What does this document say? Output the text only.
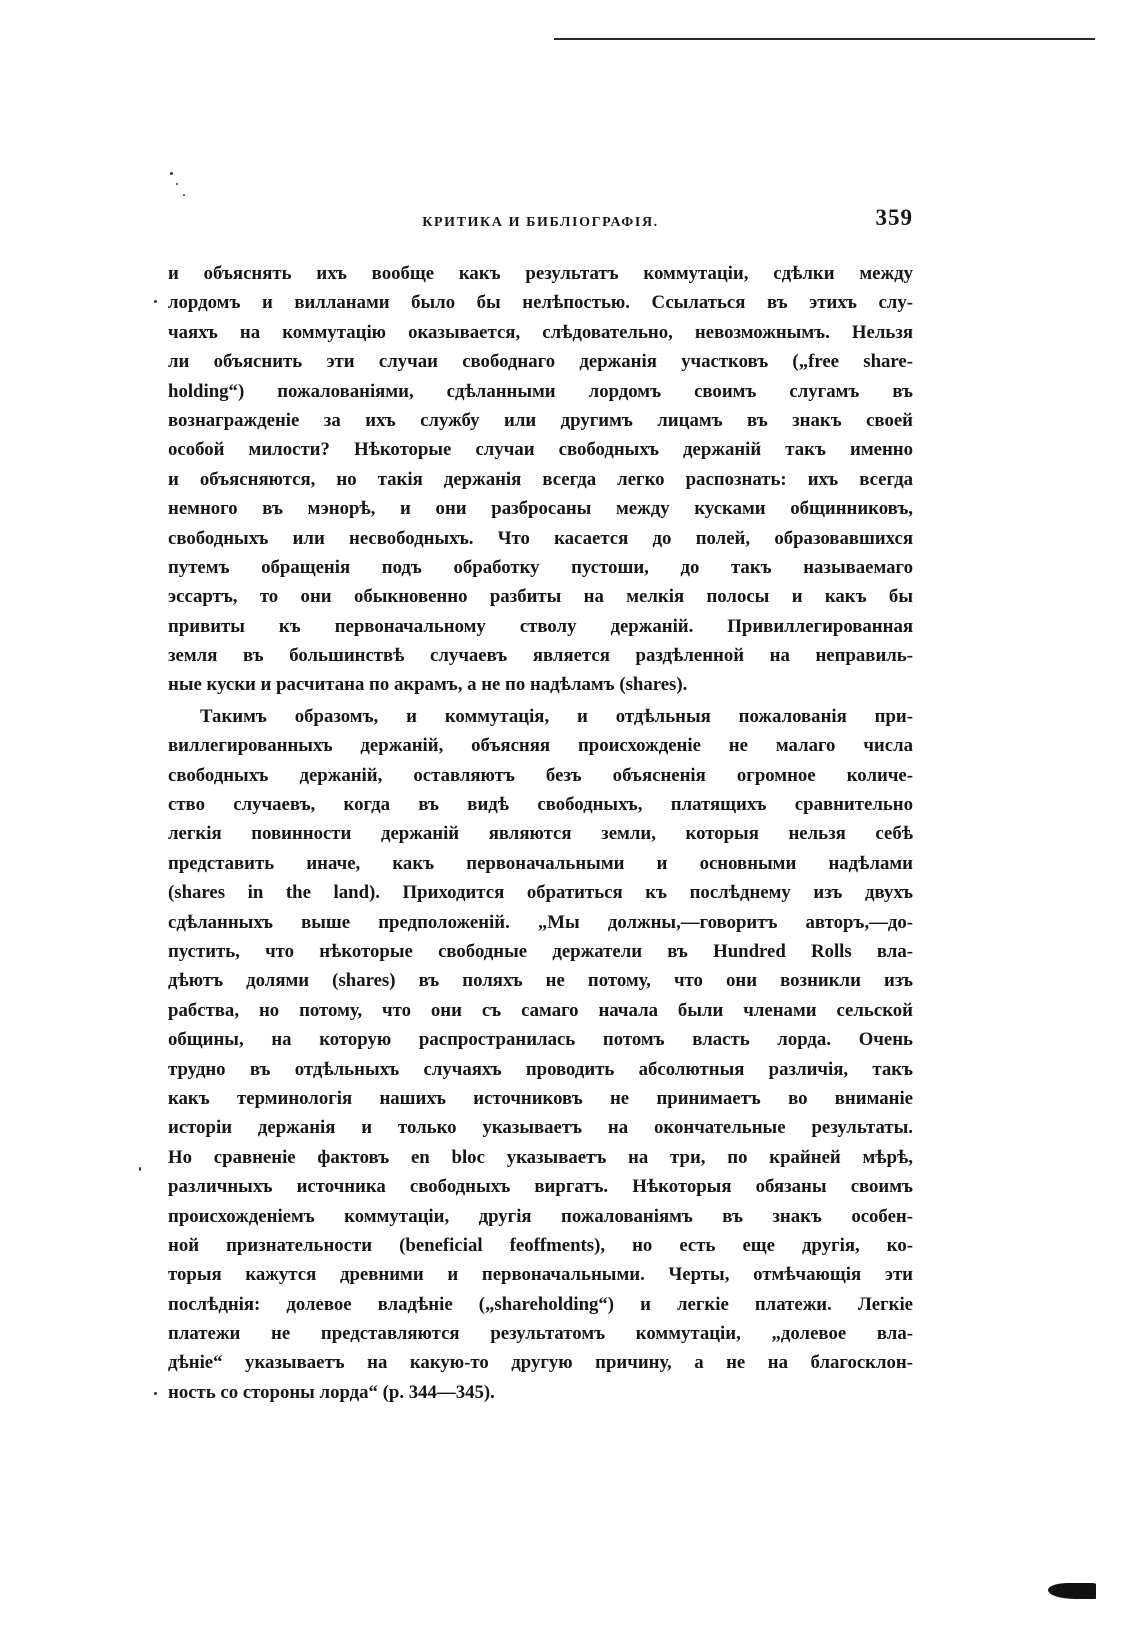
КРИТИКА И БИБЛІОГРАФІЯ.	359
и объяснять ихъ вообще какъ результатъ коммутаціи, сдѣлки между
лордомъ и вилланами было бы нелѣпостью. Ссылаться въ этихъ слу-
чаяхъ на коммутацію оказывается, слѣдовательно, невозможнымъ. Нельзя
ли объяснить эти случаи свободнаго держанія участковъ („free share-
holding“) пожалованіями, сдѣланными лордомъ своимъ слугамъ въ
вознагражденіе за ихъ службу или другимъ лицамъ въ знакъ своей
особой милости? Нѣкоторые случаи свободныхъ держаній такъ именно
и объясняются, но такія держанія всегда легко распознать: ихъ всегда
немного въ мэнорѣ, и они разбросаны между кусками общинниковъ,
свободныхъ или несвободныхъ. Что касается до полей, образовавшихся
путемъ обращенія подъ обработку пустоши, до такъ называемаго
эссартъ, то они обыкновенно разбиты на мелкія полосы и какъ бы
привиты къ первоначальному стволу держаній. Привиллегированная
земля въ большинствѣ случаевъ является раздѣленной на неправиль-
ные куски и расчитана по акрамъ, а не по надѣламъ (shares).
Такимъ образомъ, и коммутація, и отдѣльныя пожалованія при-
виллегированныхъ держаній, объясняя происхожденіе не малаго числа
свободныхъ держаній, оставляютъ безъ объясненія огромное количе-
ство случаевъ, когда въ видѣ свободныхъ, платящихъ сравнительно
легкія повинности держаній являются земли, которыя нельзя себѣ
представить иначе, какъ первоначальными и основными надѣлами
(shares in the land). Приходится обратиться къ послѣднему изъ двухъ
сдѣланныхъ выше предположеній. „Мы должны,—говоритъ авторъ,—до-
пустить, что нѣкоторые свободные держатели въ Hundred Rolls вла-
дѣютъ долями (shares) въ поляхъ не потому, что они возникли изъ
рабства, но потому, что они съ самаго начала были членами сельской
общины, на которую распространилась потомъ власть лорда. Очень
трудно въ отдѣльныхъ случаяхъ проводить абсолютныя различія, такъ
какъ терминологія нашихъ источниковъ не принимаетъ во вниманіе
исторіи держанія и только указываетъ на окончательные результаты.
Но сравненіе фактовъ en bloc указываетъ на три, по крайней мѣрѣ,
различныхъ источника свободныхъ виргатъ. Нѣкоторыя обязаны своимъ
происхожденіемъ коммутаціи, другія пожалованіямъ въ знакъ особен-
ной признательности (beneficial feoffments), но есть еще другія, ко-
торыя кажутся древними и первоначальными. Черты, отмѣчающія эти
послѣднія: долевое владѣніе („shareholding“) и легкіе платежи. Легкіе
платежи не представляются результатомъ коммутаціи, „долевое вла-
дѣніе“ указываетъ на какую-то другую причину, а не на благосклон-
ность со стороны лорда“ (p. 344—345).
